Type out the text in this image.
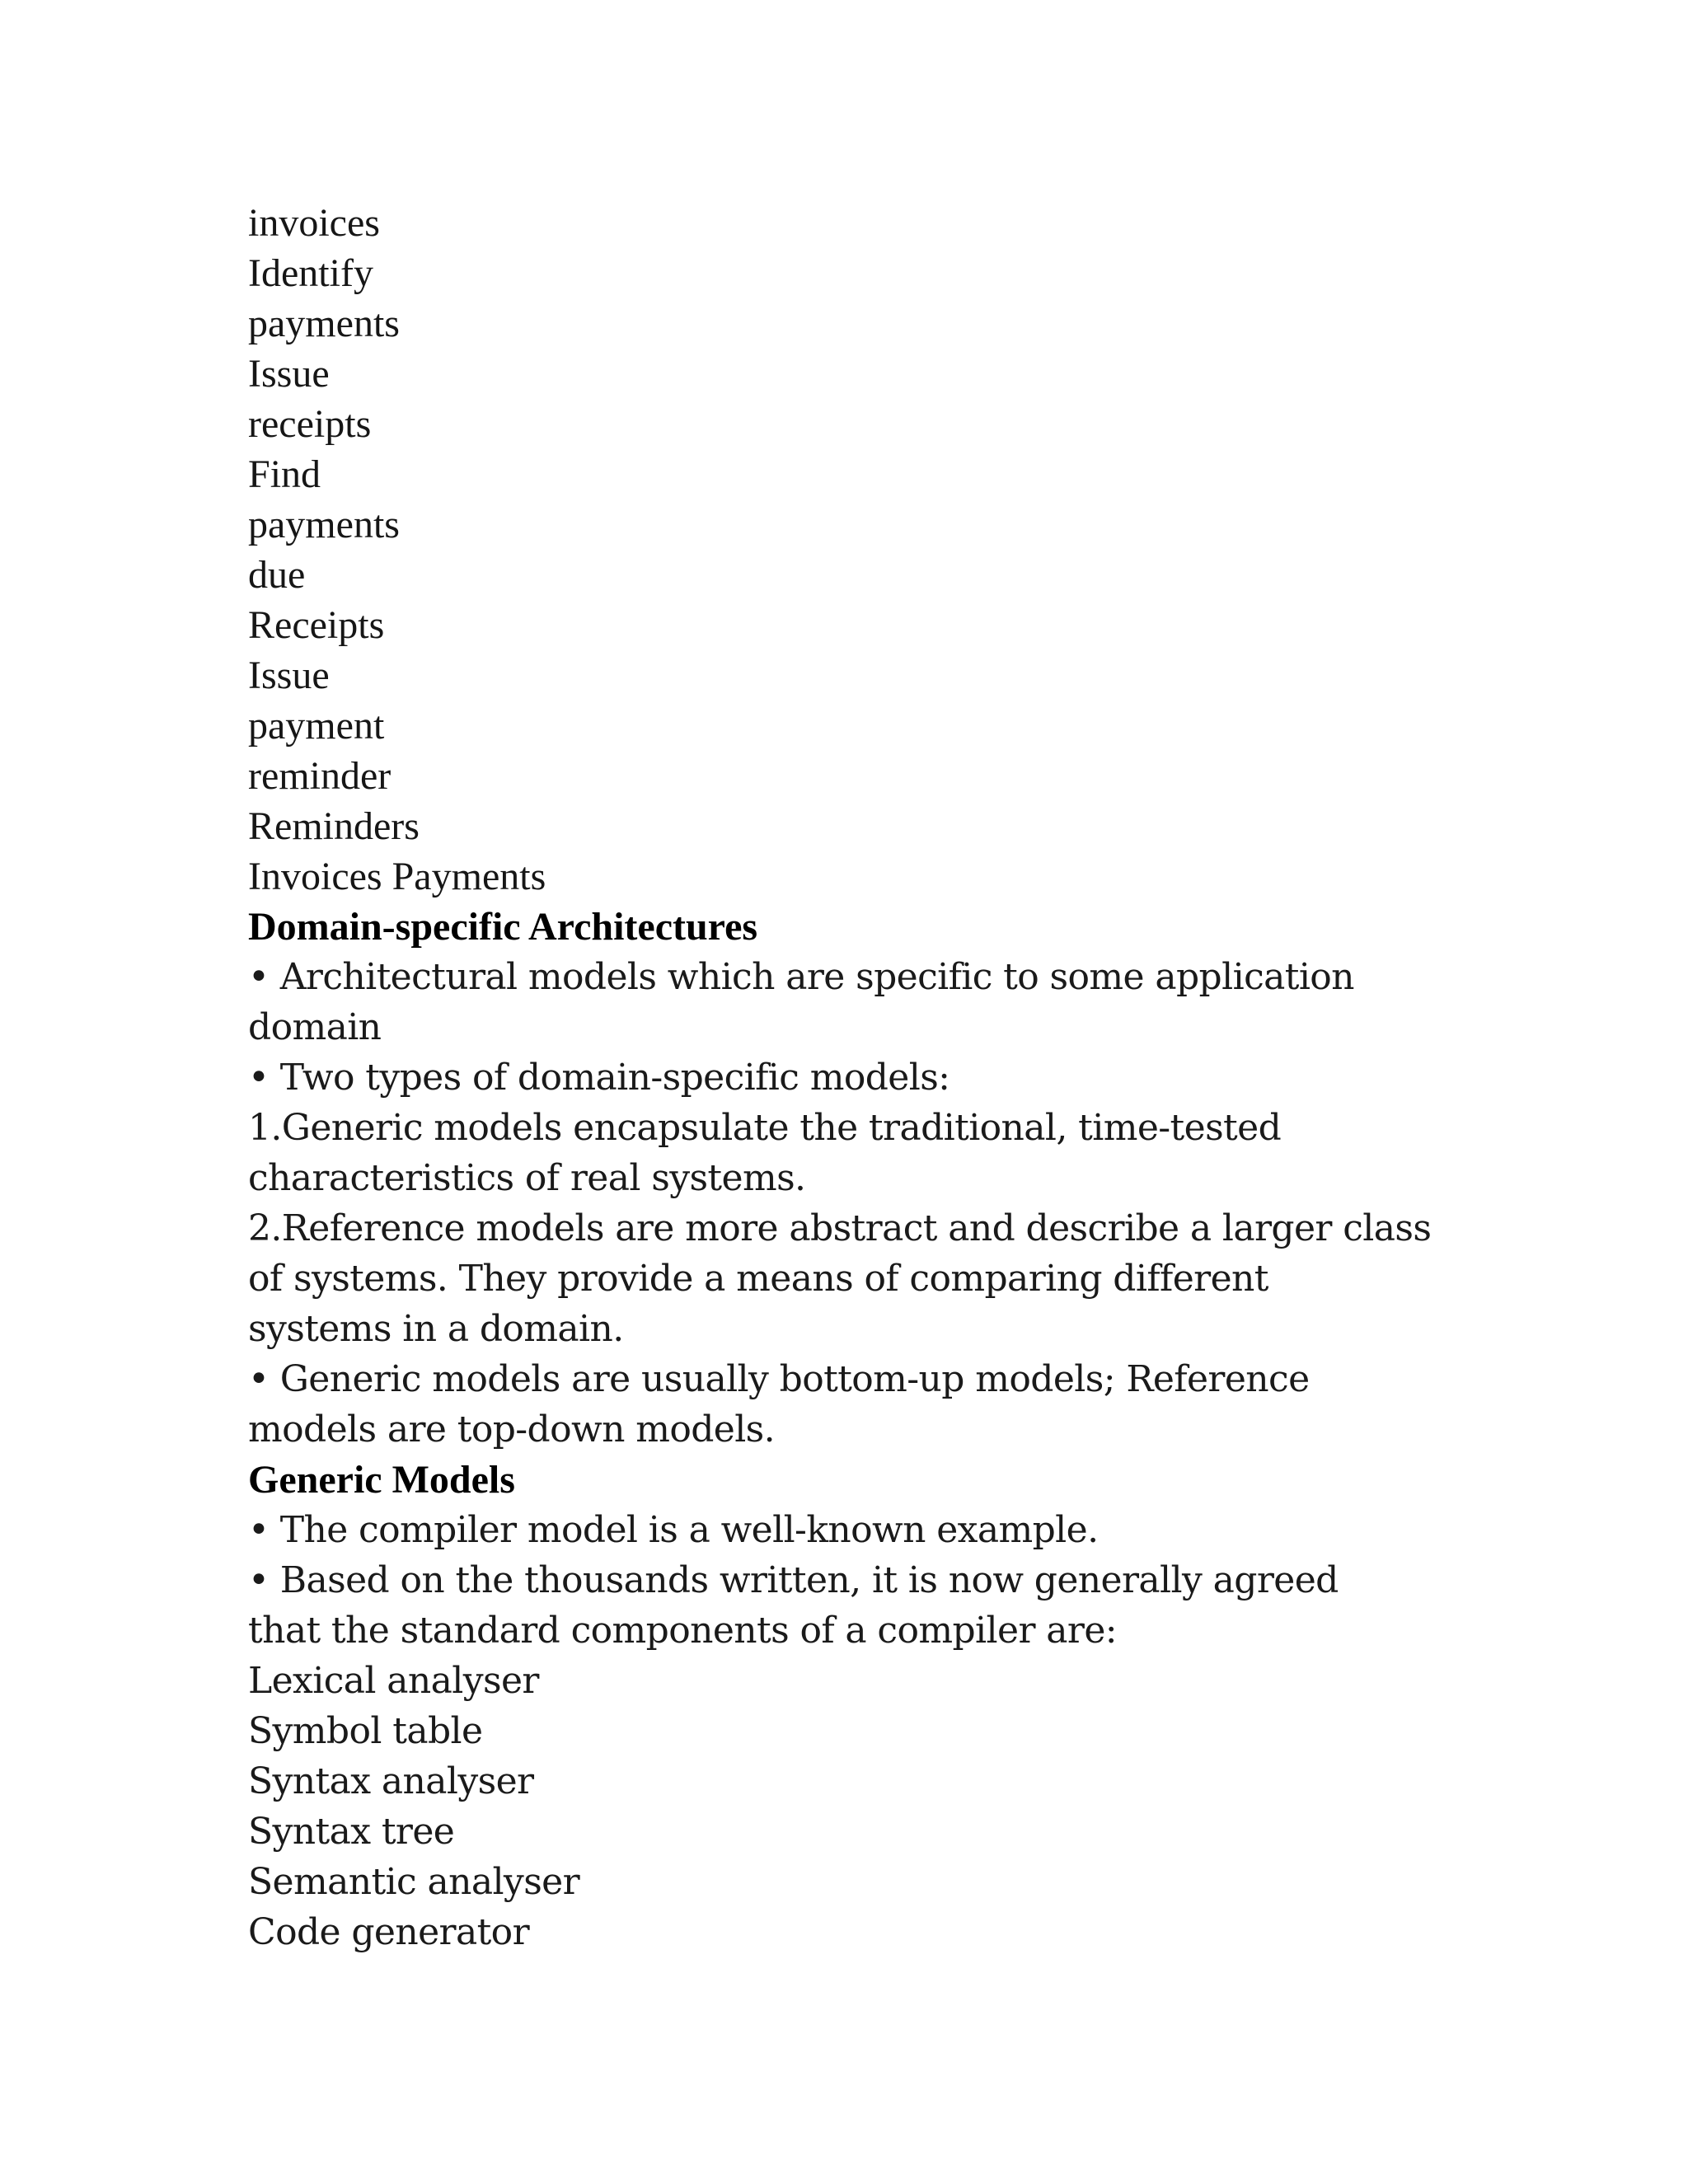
invoices

Identify

payments

Issue

receipts

Find

payments

due

Receipts

Issue

payment

reminder

Reminders

Invoices Payments

Domain-specific Architectures

• Architectural models which are specific to some application

domain

• Two types of domain-specific models:

1.Generic models encapsulate the traditional, time-tested

characteristics of real systems.

2.Reference models are more abstract and describe a larger class

of systems. They provide a means of comparing different

systems in a domain.

• Generic models are usually bottom-up models; Reference

models are top-down models.

Generic Models

• The compiler model is a well-known example.

• Based on the thousands written, it is now generally agreed

that the standard components of a compiler are:

Lexical analyser

Symbol table

Syntax analyser

Syntax tree

Semantic analyser

Code generator
